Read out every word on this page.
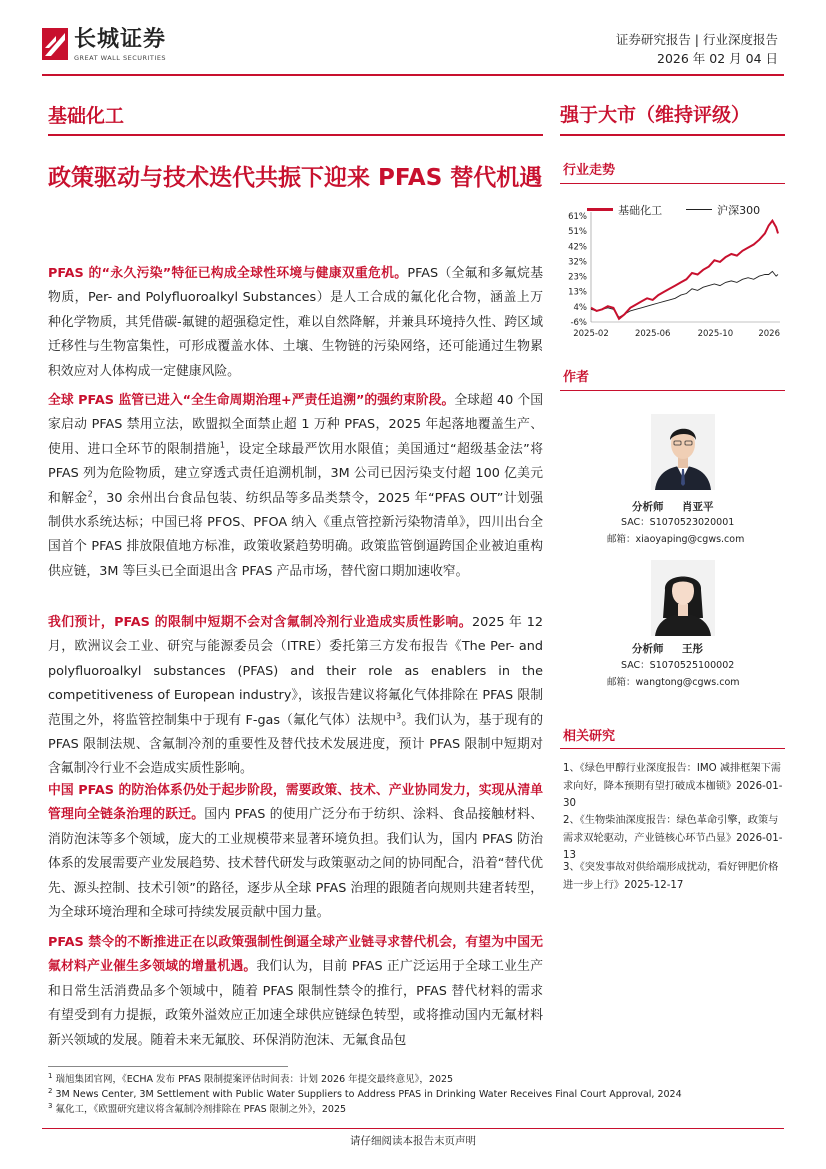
长城证券
GREAT WALL SECURITIES
证券研究报告 | 行业深度报告
2026 年 02 月 04 日
基础化工	强于大市（维持评级）
政策驱动与技术迭代共振下迎来 PFAS 替代机遇
PFAS 的“永久污染”特征已构成全球性环境与健康双重危机。PFAS（全氟和多氟烷基物质，Per- and Polyfluoroalkyl Substances）是人工合成的氟化化合物，涵盖上万种化学物质，其凭借碳-氟键的超强稳定性，难以自然降解，并兼具环境持久性、跨区域迁移性与生物富集性，可形成覆盖水体、土壤、生物链的污染网络，还可能通过生物累积效应对人体构成一定健康风险。
全球 PFAS 监管已进入“全生命周期治理+严责任追溯”的强约束阶段。全球超 40 个国家启动 PFAS 禁用立法，欧盟拟全面禁止超 1 万种 PFAS，2025 年起落地覆盖生产、使用、进口全环节的限制措施$^1$，设定全球最严饮用水限值；美国通过“超级基金法”将 PFAS 列为危险物质，建立穿透式责任追溯机制，3M 公司已因污染支付超 100 亿美元和解金$^2$，30 余州出台食品包装、纺织品等多品类禁令，2025 年“PFAS OUT”计划强制供水系统达标；中国已将 PFOS、PFOA 纳入《重点管控新污染物清单》，四川出台全国首个 PFAS 排放限值地方标准，政策收紧趋势明确。政策监管倒逼跨国企业被迫重构供应链，3M 等巨头已全面退出含 PFAS 产品市场，替代窗口期加速收窄。
我们预计，PFAS 的限制中短期不会对含氟制冷剂行业造成实质性影响。2025 年 12 月，欧洲议会工业、研究与能源委员会（ITRE）委托第三方发布报告《The Per- and polyfluoroalkyl substances (PFAS) and their role as enablers in the competitiveness of European industry》，该报告建议将氟化气体排除在 PFAS 限制范围之外，将监管控制集中于现有 F-gas（氟化气体）法规中$^3$。我们认为，基于现有的 PFAS 限制法规、含氟制冷剂的重要性及替代技术发展进度，预计 PFAS 限制中短期对含氟制冷行业不会造成实质性影响。
中国 PFAS 的防治体系仍处于起步阶段，需要政策、技术、产业协同发力，实现从清单管理向全链条治理的跃迁。国内 PFAS 的使用广泛分布于纺织、涂料、食品接触材料、消防泡沫等多个领域，庞大的工业规模带来显著环境负担。我们认为，国内 PFAS 防治体系的发展需要产业发展趋势、技术替代研发与政策驱动之间的协同配合，沿着“替代优先、源头控制、技术引领”的路径，逐步从全球 PFAS 治理的跟随者向规则共建者转型，为全球环境治理和全球可持续发展贡献中国力量。
PFAS 禁令的不断推进正在以政策强制性倒逼全球产业链寻求替代机会，有望为中国无氟材料产业催生多领域的增量机遇。我们认为，目前 PFAS 正广泛运用于全球工业生产和日常生活消费品多个领域中，随着 PFAS 限制性禁令的推行，PFAS 替代材料的需求有望受到有力提振，政策外溢效应正加速全球供应链绿色转型，或将推动国内无氟材料新兴领域的发展。随着未来无氟胶、环保消防泡沫、无氟食品包
行业走势
基础化工	沪深300
61%
51%
42%
32%
23%
13%
4%
-6%
2025-02	2025-06	2025-10	2026
作者
分析师 肖亚平
SAC：S1070523020001
邮箱：xiaoyaping@cgws.com
分析师 王彤
SAC：S1070525100002
邮箱：wangtong@cgws.com
相关研究
1、《绿色甲醇行业深度报告：IMO 减排框架下需求向好，降本预期有望打破成本枷锁》2026-01-30
2、《生物柴油深度报告：绿色革命引擎，政策与需求双轮驱动，产业链核心环节凸显》2026-01-13
3、《突发事故对供给端形成扰动，看好钾肥价格进一步上行》2025-12-17
$^1$ 瑞旭集团官网，《ECHA 发布 PFAS 限制提案评估时间表：计划 2026 年提交最终意见》，2025
$^2$ 3M News Center, 3M Settlement with Public Water Suppliers to Address PFAS in Drinking Water Receives Final Court Approval, 2024
$^3$ 氟化工，《欧盟研究建议将含氟制冷剂排除在 PFAS 限制之外》，2025
请仔细阅读本报告末页声明
